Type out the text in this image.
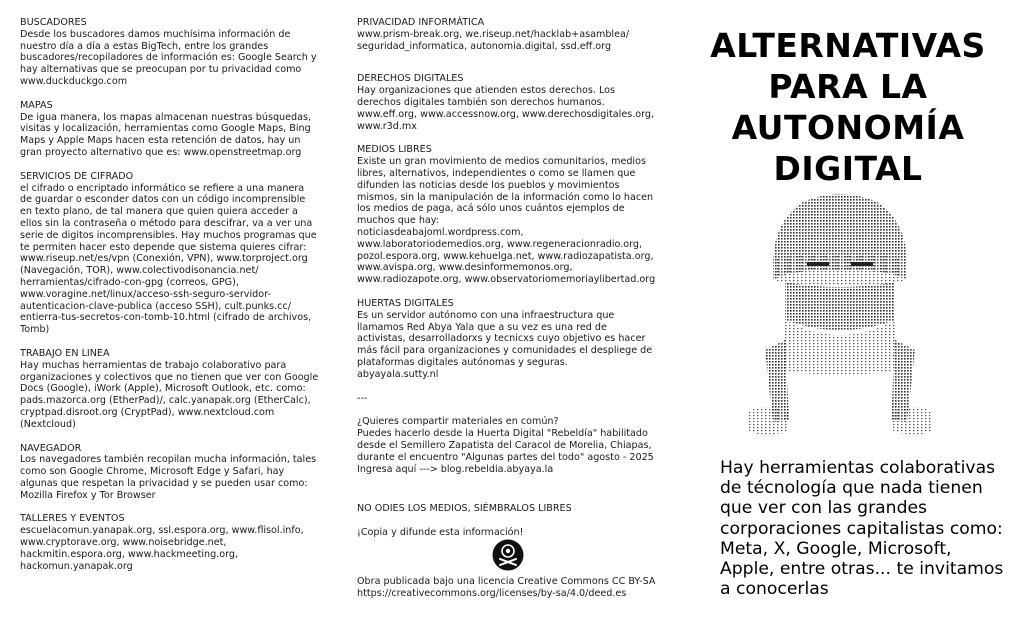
BUSCADORES
Desde los buscadores damos muchísima información de
nuestro día a día a estas BigTech, entre los grandes
buscadores/recopiladores de información es: Google Search y
hay alternativas que se preocupan por tu privacidad como
www.duckduckgo.com
MAPAS
De igua manera, los mapas almacenan nuestras búsquedas,
visitas y localización, herramientas como Google Maps, Bing
Maps y Apple Maps hacen esta retención de datos, hay un
gran proyecto alternativo que es: www.openstreetmap.org
SERVICIOS DE CIFRADO
el cifrado o encriptado informático se refiere a una manera
de guardar o esconder datos con un código incomprensible
en texto plano, de tal manera que quien quiera acceder a
ellos sin la contraseña o método para descifrar, va a ver una
serie de digitos incomprensibles. Hay muchos programas que
te permiten hacer esto depende que sistema quieres cifrar:
www.riseup.net/es/vpn (Conexión, VPN), www.torproject.org
(Navegación, TOR), www.colectivodisonancia.net/
herramientas/cifrado-con-gpg (correos, GPG),
www.voragine.net/linux/acceso-ssh-seguro-servidor-
autenticacion-clave-publica (acceso SSH), cult.punks.cc/
entierra-tus-secretos-con-tomb-10.html (cifrado de archivos,
Tomb)
TRABAJO EN LINEA
Hay muchas herramientas de trabajo colaborativo para
organizaciones y colectivos que no tienen que ver con Google
Docs (Google), iWork (Apple), Microsoft Outlook, etc. como:
pads.mazorca.org (EtherPad)/, calc.yanapak.org (EtherCalc),
cryptpad.disroot.org (CryptPad), www.nextcloud.com
(Nextcloud)
NAVEGADOR
Los navegadores también recopilan mucha información, tales
como son Google Chrome, Microsoft Edge y Safari, hay
algunas que respetan la privacidad y se pueden usar como:
Mozilla Firefox y Tor Browser
TALLERES Y EVENTOS
escuelacomun.yanapak.org, ssl.espora.org, www.flisol.info,
www.cryptorave.org, www.noisebridge.net,
hackmitin.espora.org, www.hackmeeting.org,
hackomun.yanapak.org
PRIVACIDAD INFORMÁTICA
www.prism-break.org, we.riseup.net/hacklab+asamblea/
seguridad_informatica, autonomia.digital, ssd.eff.org
DERECHOS DIGITALES
Hay organizaciones que atienden estos derechos. Los
derechos digitales también son derechos humanos.
www.eff.org, www.accessnow.org, www.derechosdigitales.org,
www.r3d.mx
MEDIOS LIBRES
Existe un gran movimiento de medios comunitarios, medios
libres, alternativos, independientes o como se llamen que
difunden las noticias desde los pueblos y movimientos
mismos, sin la manipulación de la información como lo hacen
los medios de paga, acá sólo unos cuántos ejemplos de
muchos que hay:
noticiasdeabajoml.wordpress.com,
www.laboratoriodemedios.org, www.regeneracionradio.org,
pozol.espora.org, www.kehuelga.net, www.radiozapatista.org,
www.avispa.org, www.desinformemonos.org,
www.radiozapote.org, www.observatoriomemoriaylibertad.org
HUERTAS DIGITALES
Es un servidor autónomo con una infraestructura que
llamamos Red Abya Yala que a su vez es una red de
activistas, desarrolladorxs y tecnicxs cuyo objetivo es hacer
más fácil para organizaciones y comunidades el despliege de
plataformas digitales autónomas y seguras.
abyayala.sutty.nl
---
¿Quieres compartir materiales en común?
Puedes hacerlo desde la Huerta Digital "Rebeldía" habilitado
desde el Semillero Zapatista del Caracol de Morelia, Chiapas,
durante el encuentro "Algunas partes del todo" agosto - 2025
Ingresa aquí ---> blog.rebeldia.abyaya.la
NO ODIES LOS MEDIOS, SIÉMBRALOS LIBRES
¡Copia y difunde esta información!
Obra publicada bajo una licencia Creative Commons CC BY-SA
https://creativecommons.org/licenses/by-sa/4.0/deed.es
ALTERNATIVAS
PARA LA
AUTONOMÍA
DIGITAL
Hay herramientas colaborativas
de técnología que nada tienen
que ver con las grandes
corporaciones capitalistas como:
Meta, X, Google, Microsoft,
Apple, entre otras... te invitamos
a conocerlas
